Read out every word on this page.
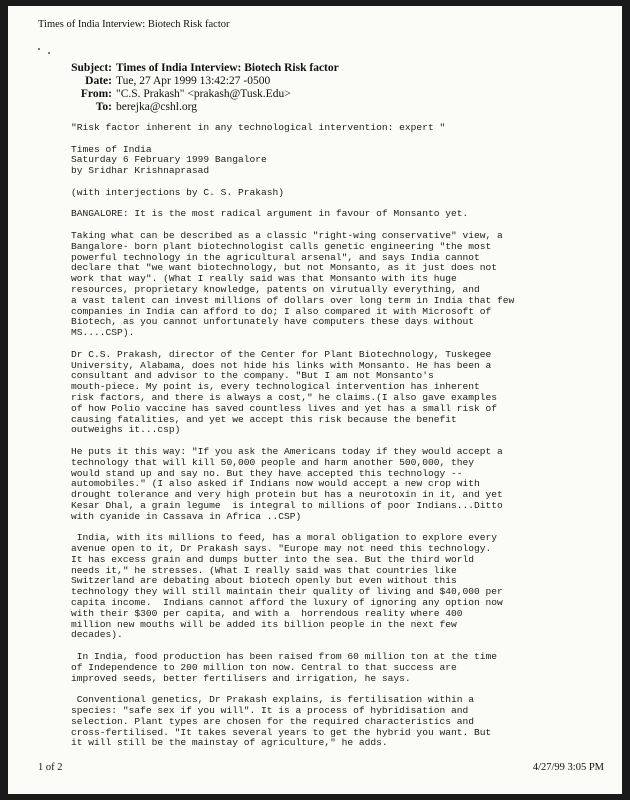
Times of India Interview: Biotech Risk factor
Subject: Times of India Interview: Biotech Risk factor
Date: Tue, 27 Apr 1999 13:42:27 -0500
From: "C.S. Prakash" <prakash@Tusk.Edu>
To: berejka@cshl.org
"Risk factor inherent in any technological intervention: expert "
Times of India
Saturday 6 February 1999 Bangalore
by Sridhar Krishnaprasad
(with interjections by C. S. Prakash)
BANGALORE: It is the most radical argument in favour of Monsanto yet.
Taking what can be described as a classic "right-wing conservative" view, a
Bangalore- born plant biotechnologist calls genetic engineering "the most
powerful technology in the agricultural arsenal", and says India cannot
declare that "we want biotechnology, but not Monsanto, as it just does not
work that way". (What I really said was that Monsanto with its huge
resources, proprietary knowledge, patents on virutually everything, and
a vast talent can invest millions of dollars over long term in India that few
companies in India can afford to do; I also compared it with Microsoft of
Biotech, as you cannot unfortunately have computers these days without
MS....CSP).
Dr C.S. Prakash, director of the Center for Plant Biotechnology, Tuskegee
University, Alabama, does not hide his links with Monsanto. He has been a
consultant and advisor to the company. "But I am not Monsanto's
mouth-piece. My point is, every technological intervention has inherent
risk factors, and there is always a cost," he claims.(I also gave examples
of how Polio vaccine has saved countless lives and yet has a small risk of
causing fatalities, and yet we accept this risk because the benefit
outweighs it...csp)
He puts it this way: "If you ask the Americans today if they would accept a
technology that will kill 50,000 people and harm another 500,000, they
would stand up and say no. But they have accepted this technology --
automobiles." (I also asked if Indians now would accept a new crop with
drought tolerance and very high protein but has a neurotoxin in it, and yet
Kesar Dhal, a grain legume  is integral to millions of poor Indians...Ditto
with cyanide in Cassava in Africa ..CSP)
India, with its millions to feed, has a moral obligation to explore every
avenue open to it, Dr Prakash says. "Europe may not need this technology.
It has excess grain and dumps butter into the sea. But the third world
needs it," he stresses. (What I really said was that countries like
Switzerland are debating about biotech openly but even without this
technology they will still maintain their quality of living and $40,000 per
capita income.  Indians cannot afford the luxury of ignoring any option now
with their $300 per capita, and with a  horrendous reality where 400
million new mouths will be added its billion people in the next few
decades).
In India, food production has been raised from 60 million ton at the time
of Independence to 200 million ton now. Central to that success are
improved seeds, better fertilisers and irrigation, he says.
Conventional genetics, Dr Prakash explains, is fertilisation within a
species: "safe sex if you will". It is a process of hybridisation and
selection. Plant types are chosen for the required characteristics and
cross-fertilised. "It takes several years to get the hybrid you want. But
it will still be the mainstay of agriculture," he adds.
1 of 2	4/27/99 3:05 PM
